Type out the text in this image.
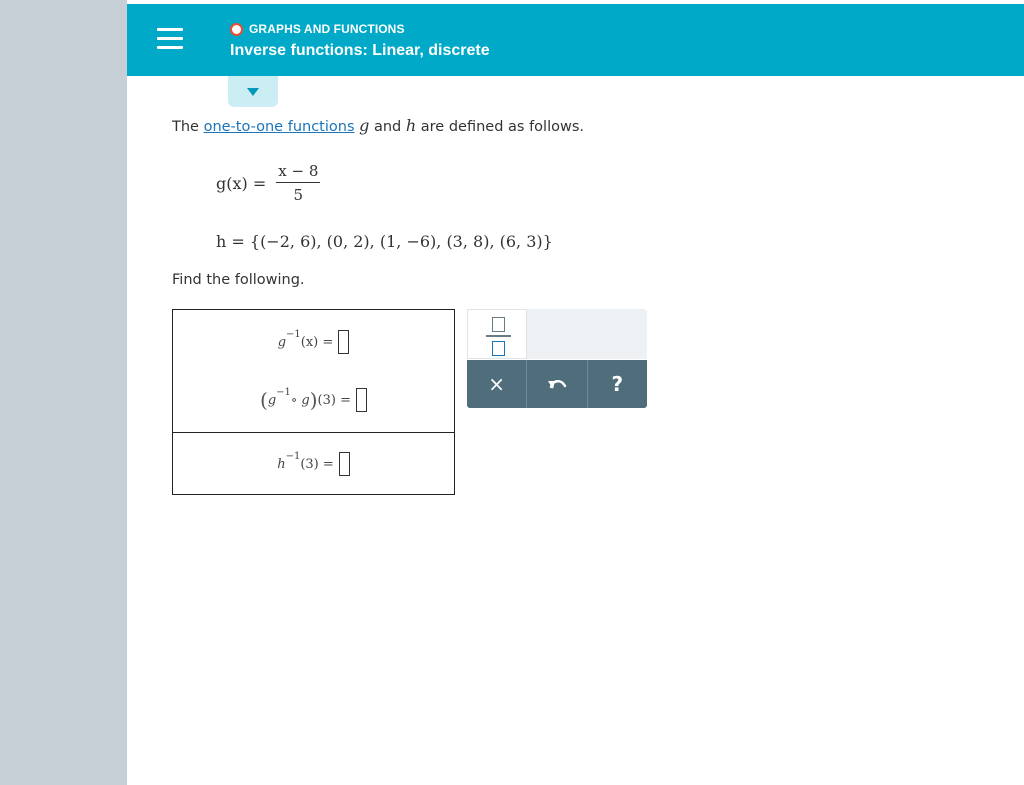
GRAPHS AND FUNCTIONS
Inverse functions: Linear, discrete
The one-to-one functions g and h are defined as follows.
$g(x) = \frac{x - 8}{5}$
h = {(−2, 6), (0, 2), (1, −6), (3, 8), (6, 3)}
Find the following.
g
−1
(x) =
( g
−1
∘ g ) (3) =
h
−1
(3) =
×	?
